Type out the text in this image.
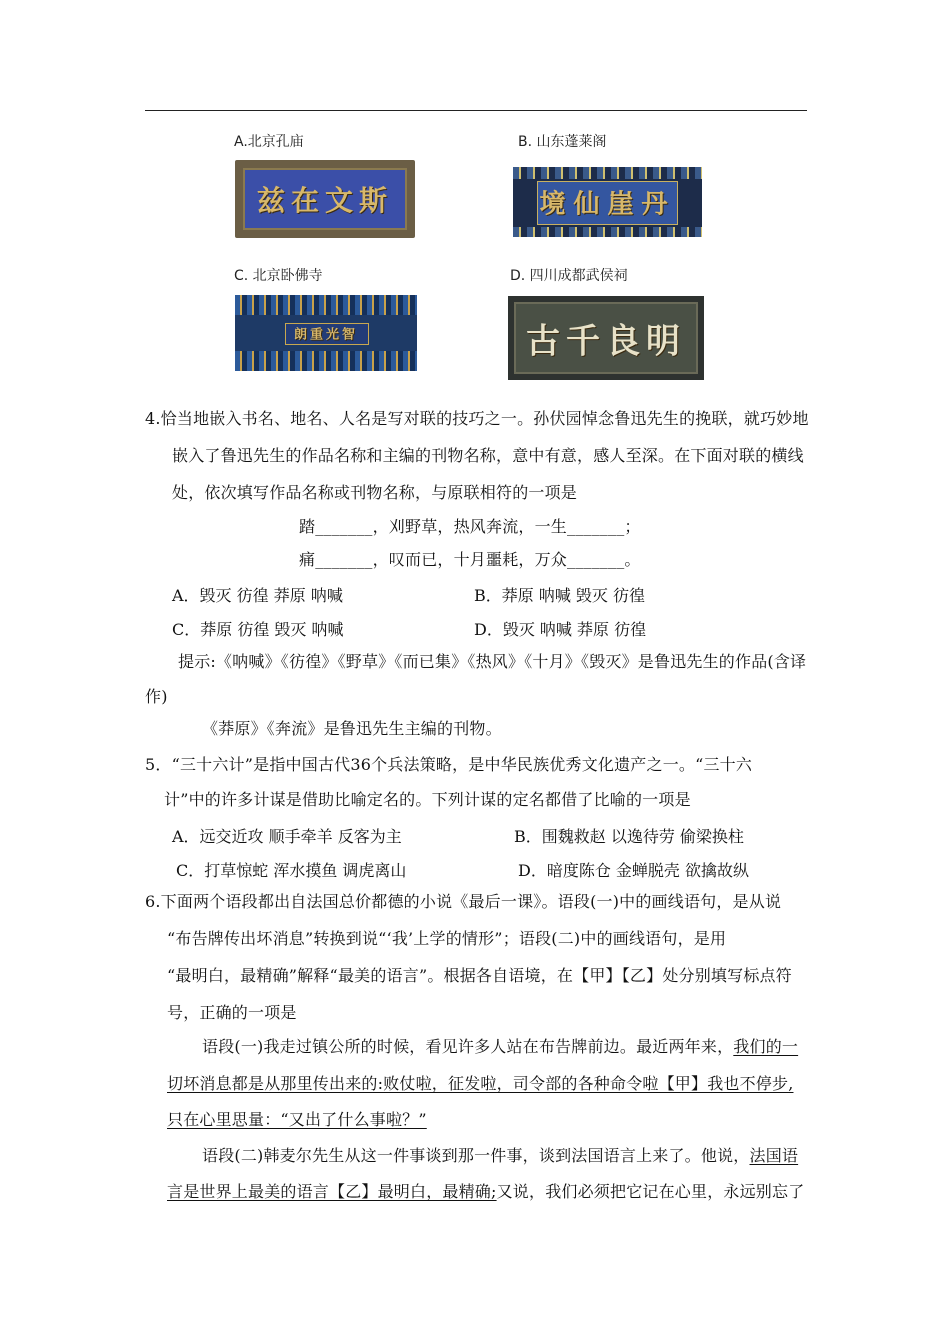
A.北京孔庙
斯文在兹
B. 山东蓬莱阁
丹崖仙境
C. 北京卧佛寺
智光重朗
D. 四川成都武侯祠
明良千古
4.恰当地嵌入书名、地名、人名是写对联的技巧之一。孙伏园悼念鲁迅先生的挽联，就巧妙地
嵌入了鲁迅先生的作品名称和主编的刊物名称，意中有意，感人至深。在下面对联的横线
处，依次填写作品名称或刊物名称，与原联相符的一项是
踏_______，刈野草，热风奔流，一生_______；
痛_______，叹而已，十月噩耗，万众_______。
A．毁灭 彷徨 莽原 呐喊	B．莽原 呐喊 毁灭 彷徨
C．莽原 彷徨 毁灭 呐喊	D．毁灭 呐喊 莽原 彷徨
提示:《呐喊》《彷徨》《野草》《而已集》《热风》《十月》《毁灭》是鲁迅先生的作品(含译
作)
《莽原》《奔流》是鲁迅先生主编的刊物。
5．“三十六计”是指中国古代36个兵法策略，是中华民族优秀文化遗产之一。“三十六
计”中的许多计谋是借助比喻定名的。下列计谋的定名都借了比喻的一项是
A．远交近攻 顺手牵羊 反客为主	B．围魏救赵 以逸待劳 偷梁换柱
C．打草惊蛇 浑水摸鱼 调虎离山	D．暗度陈仓 金蝉脱壳 欲擒故纵
6.下面两个语段都出自法国总价都德的小说《最后一课》。语段(一)中的画线语句，是从说
“布告牌传出坏消息”转换到说“‘我’上学的情形”；语段(二)中的画线语句，是用
“最明白，最精确”解释“最美的语言”。根据各自语境，在【甲】【乙】处分别填写标点符
号，正确的一项是
语段(一)我走过镇公所的时候，看见许多人站在布告牌前边。最近两年来，我们的一
切坏消息都是从那里传出来的:败仗啦，征发啦，司令部的各种命令啦【甲】我也不停步,
只在心里思量：“又出了什么事啦？”
语段(二)韩麦尔先生从这一件事谈到那一件事，谈到法国语言上来了。他说，法国语
言是世界上最美的语言【乙】最明白，最精确;又说，我们必须把它记在心里，永远别忘了
